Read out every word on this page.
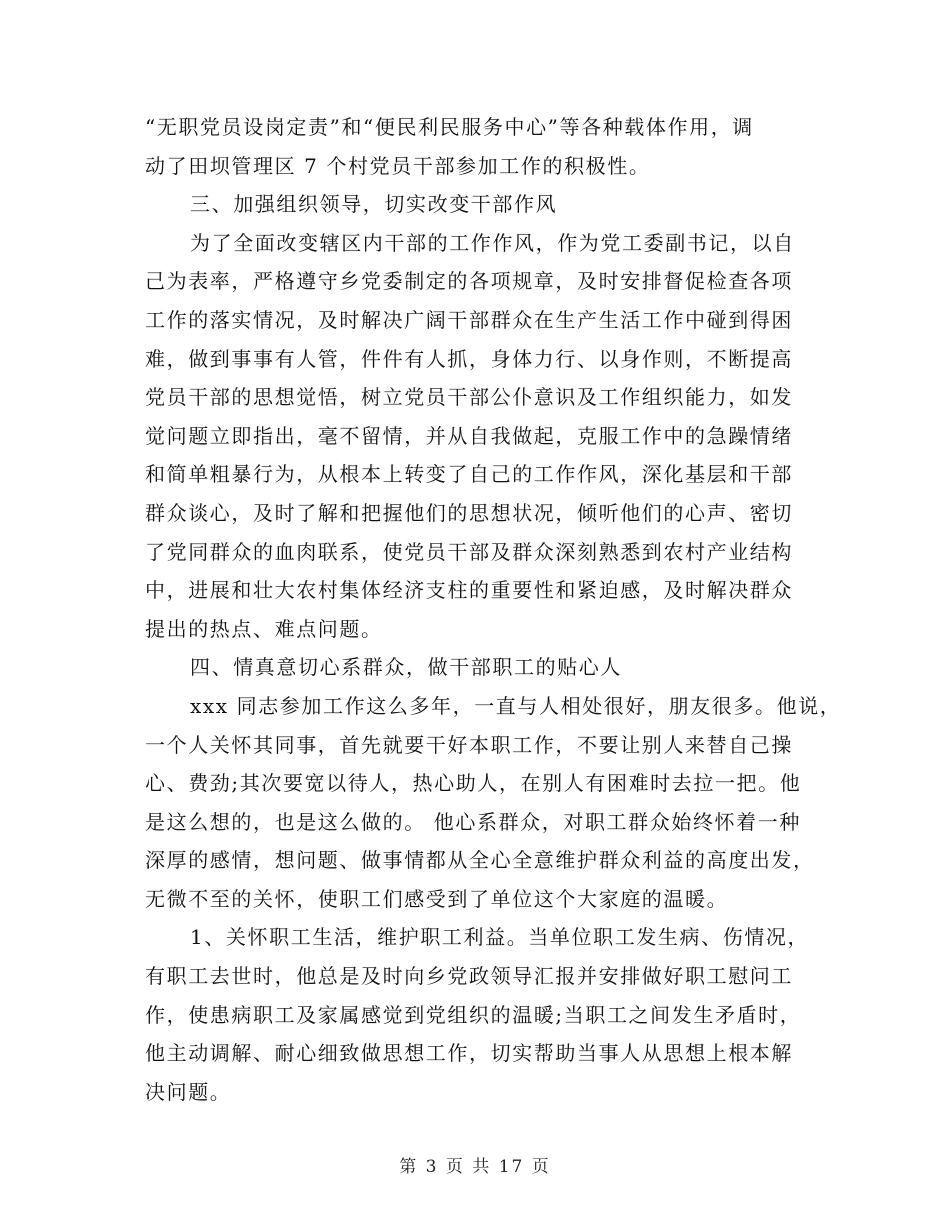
“无职党员设岗定责”和“便民利民服务中心”等各种载体作用，调
动了田坝管理区 7 个村党员干部参加工作的积极性。
三、加强组织领导，切实改变干部作风
为了全面改变辖区内干部的工作作风，作为党工委副书记，以自
己为表率，严格遵守乡党委制定的各项规章，及时安排督促检查各项
工作的落实情况，及时解决广阔干部群众在生产生活工作中碰到得困
难，做到事事有人管，件件有人抓，身体力行、以身作则，不断提高
党员干部的思想觉悟，树立党员干部公仆意识及工作组织能力，如发
觉问题立即指出，毫不留情，并从自我做起，克服工作中的急躁情绪
和简单粗暴行为，从根本上转变了自己的工作作风，深化基层和干部
群众谈心，及时了解和把握他们的思想状况，倾听他们的心声、密切
了党同群众的血肉联系，使党员干部及群众深刻熟悉到农村产业结构
中，进展和壮大农村集体经济支柱的重要性和紧迫感，及时解决群众
提出的热点、难点问题。
四、情真意切心系群众，做干部职工的贴心人
xxx 同志参加工作这么多年，一直与人相处很好，朋友很多。他说，
一个人关怀其同事，首先就要干好本职工作，不要让别人来替自己操
心、费劲;其次要宽以待人，热心助人，在别人有困难时去拉一把。他
是这么想的，也是这么做的。 他心系群众，对职工群众始终怀着一种
深厚的感情，想问题、做事情都从全心全意维护群众利益的高度出发，
无微不至的关怀，使职工们感受到了单位这个大家庭的温暖。
1、关怀职工生活，维护职工利益。当单位职工发生病、伤情况，
有职工去世时，他总是及时向乡党政领导汇报并安排做好职工慰问工
作，使患病职工及家属感觉到党组织的温暖;当职工之间发生矛盾时，
他主动调解、耐心细致做思想工作，切实帮助当事人从思想上根本解
决问题。
第 3 页 共 17 页
